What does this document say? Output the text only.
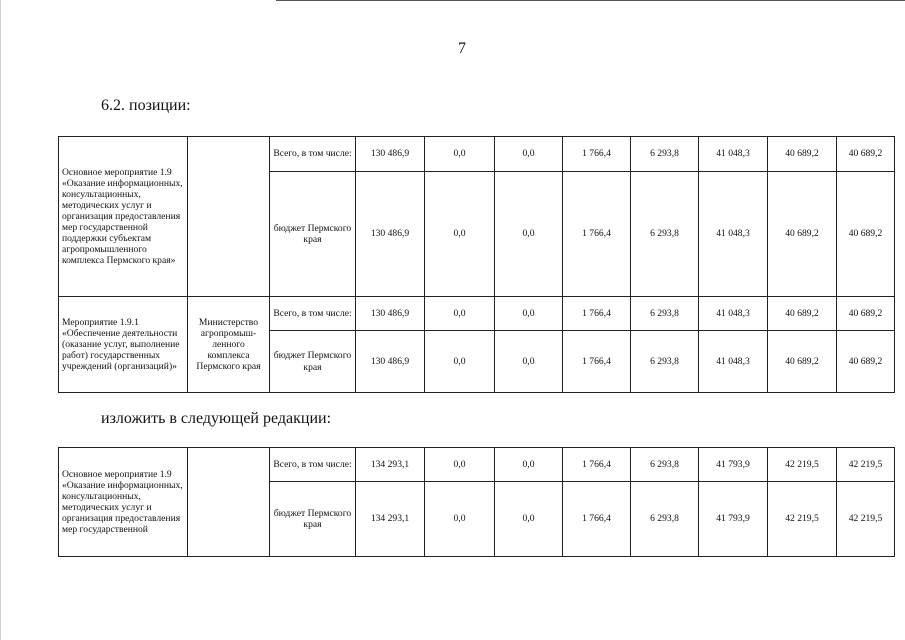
7
6.2. позиции:
Основное мероприятие 1.9 «Оказание информационных, консультационных, методических услуг и организация предоставления мер государственной поддержки субъектам агропромышленного комплекса Пермского края»		Всего, в том числе:	130 486,9	0,0	0,0	1 766,4	6 293,8	41 048,3	40 689,2	40 689,2
		бюджет Пермского края	130 486,9	0,0	0,0	1 766,4	6 293,8	41 048,3	40 689,2	40 689,2
Мероприятие 1.9.1 «Обеспечение деятельности (оказание услуг, выполнение работ) государственных учреждений (организаций)»	Министерство агропромыш- ленного комплекса Пермского края	Всего, в том числе:	130 486,9	0,0	0,0	1 766,4	6 293,8	41 048,3	40 689,2	40 689,2
		бюджет Пермского края	130 486,9	0,0	0,0	1 766,4	6 293,8	41 048,3	40 689,2	40 689,2
изложить в следующей редакции:
Основное мероприятие 1.9 «Оказание информационных, консультационных, методических услуг и организация предоставления мер государственной		Всего, в том числе:	134 293,1	0,0	0,0	1 766,4	6 293,8	41 793,9	42 219,5	42 219,5
		бюджет Пермского края	134 293,1	0,0	0,0	1 766,4	6 293,8	41 793,9	42 219,5	42 219,5
